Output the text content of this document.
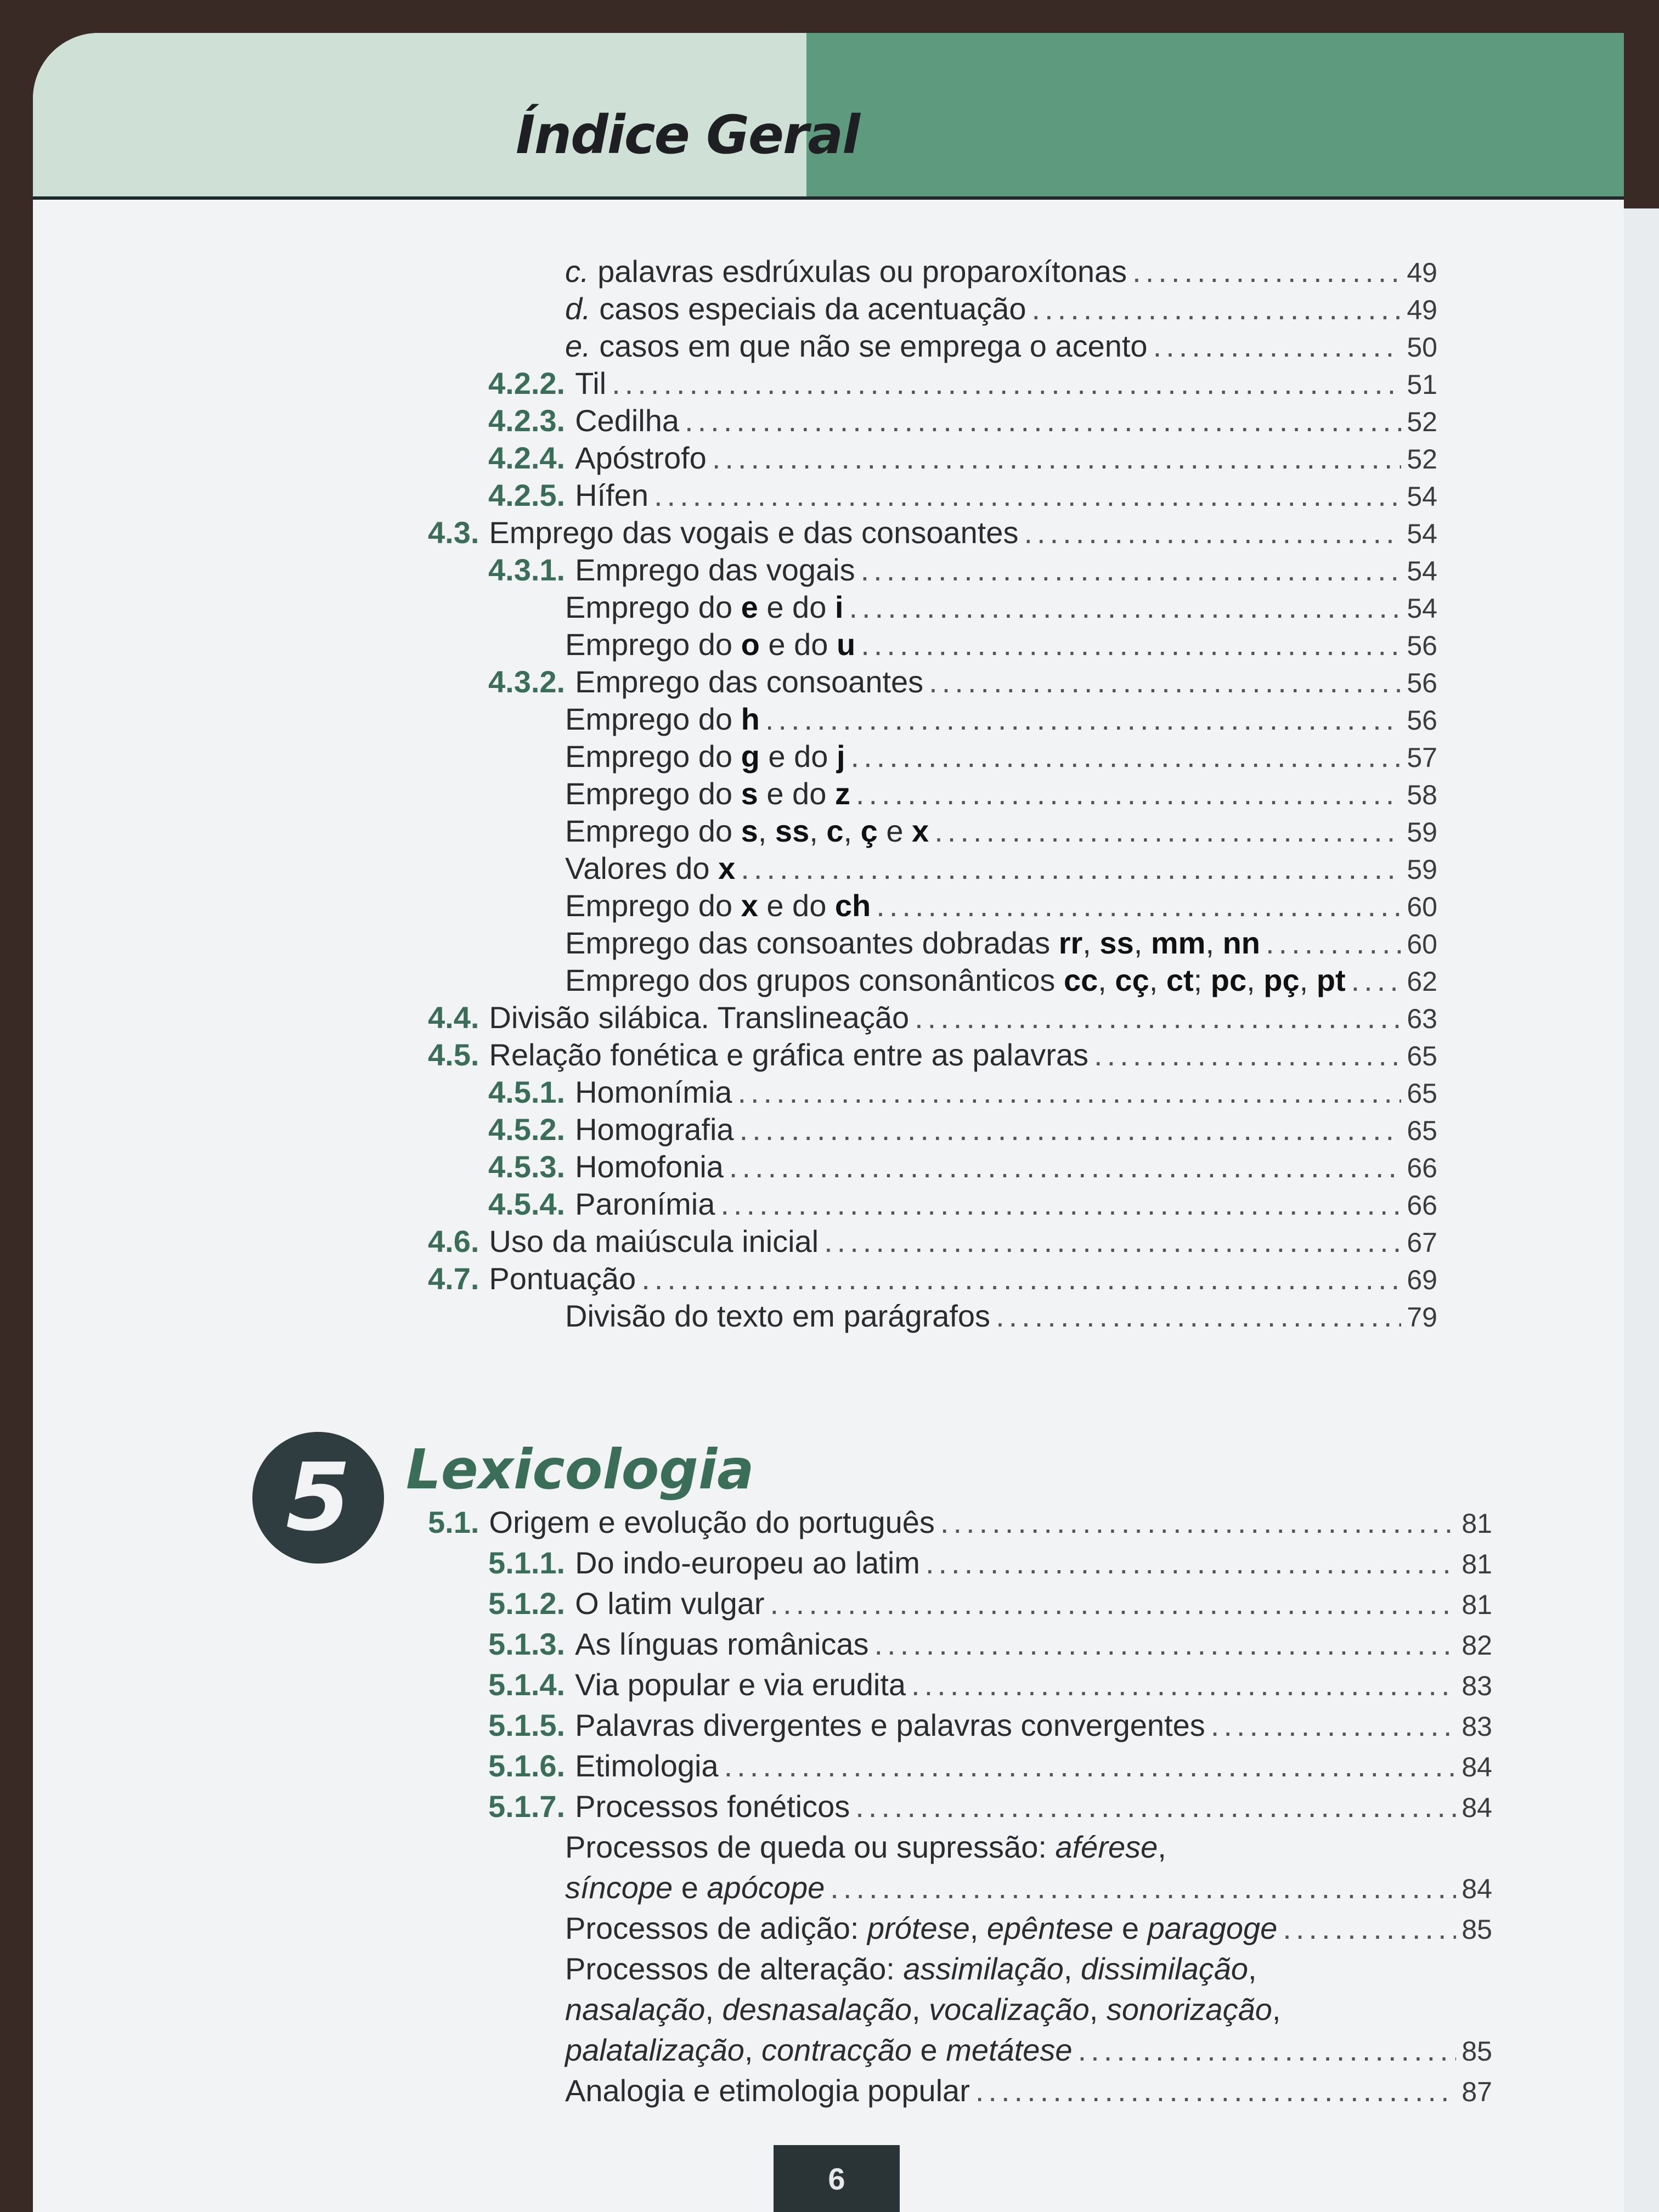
Índice Geral
c. palavras esdrúxulas ou proparoxítonas .....	49
d. casos especiais da acentuação .....	49
e. casos em que não se emprega o acento .....	50
4.2.2. Til .....	51
4.2.3. Cedilha .....	52
4.2.4. Apóstrofo .....	52
4.2.5. Hífen .....	54
4.3. Emprego das vogais e das consoantes .....	54
4.3.1. Emprego das vogais .....	54
Emprego do e e do i .....	54
Emprego do o e do u .....	56
4.3.2. Emprego das consoantes .....	56
Emprego do h .....	56
Emprego do g e do j .....	57
Emprego do s e do z .....	58
Emprego do s, ss, c, ç e x .....	59
Valores do x .....	59
Emprego do x e do ch .....	60
Emprego das consoantes dobradas rr, ss, mm, nn .....	60
Emprego dos grupos consonânticos cc, cç, ct; pc, pç, pt ..... 62
4.4. Divisão silábica. Translineação .....	63
4.5. Relação fonética e gráfica entre as palavras .....	65
4.5.1. Homonímia .....	65
4.5.2. Homografia .....	65
4.5.3. Homofonia .....	66
4.5.4. Paronímia .....	66
4.6. Uso da maiúscula inicial .....	67
4.7. Pontuação .....	69
Divisão do texto em parágrafos .....	79
5 Lexicologia
5.1. Origem e evolução do português .....	81
5.1.1. Do indo-europeu ao latim .....	81
5.1.2. O latim vulgar .....	81
5.1.3. As línguas românicas .....	82
5.1.4. Via popular e via erudita .....	83
5.1.5. Palavras divergentes e palavras convergentes .....	83
5.1.6. Etimologia .....	84
5.1.7. Processos fonéticos .....	84
Processos de queda ou supressão: aférese,
síncope e apócope .....	84
Processos de adição: prótese, epêntese e paragoge .....	85
Processos de alteração: assimilação, dissimilação,
nasalação, desnasalação, vocalização, sonorização,
palatalização, contracção e metátese .....	85
Analogia e etimologia popular .....	87
6
